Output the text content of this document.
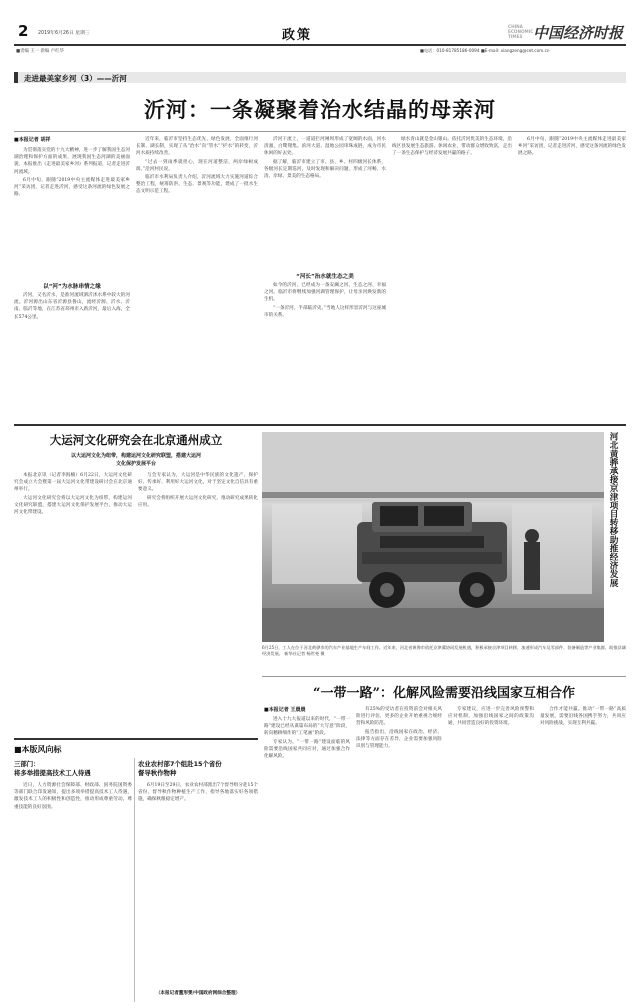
2 2019年6月26日 星期三	政策
CHINA
ECONOMIC
TIMES 中国经济时报
■责编 王一 新编 卢红华	■电话：010-81785186-0094 ■E-mail: xiangzeng@cet.com.cn
走进最美家乡河（3）——沂河
沂河：一条凝聚着治水结晶的母亲河
■本报记者 胡祥

为贯彻落实党的十九大精神，进一步了解我国生态河湖治理和保护方面的成果，展现我国生态河湖的美丽面貌，本报推出《走进最美家乡河》系列报道，记者走进沂河流域。

6月中旬，跟随“2019中央主流媒体走进最美家乡河”采访团，记者走进沂河，感受这条河流的绿色发展之路。

以“河”为水脉串情之缘

沂河，又名沂水，是淮河流域泗沂沭水系中较大的河流。沂河源出山东省沂源县鲁山，流经沂源、沂水、沂南、临沂等地，在江苏省邳州市入新沂河，最后入海，全长574公里。

近年来，临沂市坚持生态优先、绿色发展，全面推行河长制、湖长制，实现了从“治水”向“管水”“护水”的转变，沂河水质持续改善。

“过去一到雨季就担心，现在河道整洁，两岸绿树成荫。”沿河村民说。

临沂市水利局负责人介绍，沂河流域大力实施河道综合整治工程，统筹防洪、生态、景观等功能，建成了一批水生态文明示范工程。

沂河干流上，一道道拦河闸坝形成了宽阔的水面，河水清澈，白鹭翔集。滨河大道、湿地公园串珠成链，成为市民休闲的好去处。

据了解，临沂市建立了市、县、乡、村四级河长体系，各级河长定期巡河，及时发现和解决问题，形成了河畅、水清、岸绿、景美的生态格局。

“河长”治水就生态之美

如今的沂河，已经成为一条安澜之河、生态之河、幸福之河。临沂市将继续加强河湖管理保护，让母亲河焕发新的生机。

“一条沂河，半部临沂史。”当地人这样形容沂河与这座城市的关系。

绿水青山就是金山银山。依托沂河优美的生态环境，沿线区县发展生态旅游、休闲农业，带动群众增收致富，走出了一条生态保护与经济发展共赢的路子。

6月中旬，跟随“2019中央主流媒体走进最美家乡河”采访团，记者走进沂河，感受这条河流的绿色发展之路。

大运河文化研究会在北京通州成立
以大运河文化为纽带，构建运河文化研究联盟，搭建大运河
文化保护发展平台

本报北京讯（记者李海楠）6月22日，大运河文化研究会成立大会暨第一届大运河文化带建设研讨会在北京通州举行。

大运河文化研究会将以大运河文化为纽带，构建运河文化研究联盟，搭建大运河文化保护发展平台，推动大运河文化带建设。

与会专家认为，大运河是中华民族的文化遗产，保护好、传承好、利用好大运河文化，对于坚定文化自信具有重要意义。

研究会将组织开展大运河文化研究，推动研究成果转化应用。	河北黄骅承接京津项目转移助推经济发展
6月25日，工人在位于河北黄骅市的汽车产业基地生产车间工作。近年来，河北省黄骅市依托京津冀协同发展机遇，积极承接京津项目转移，加速形成汽车及零部件、装备制造等产业集群，助推县域经济发展。 新华社记者 杨世尧 摄
“一带一路”：化解风险需要沿线国家互相合作
■本报记者 王晨晨

进入十九大报道以来的时代，“一带一路”建设已经从谋篇布局的“大写意”阶段，转向精耕细作的“工笔画”阶段。

专家认为，“一带一路”建设面临的风险需要沿线国家共同应对，通过加强合作化解风险。

有25%的受访者在投资前会对相关风险进行评估，更多的企业开始重视合规经营和风险防范。

报告指出，沿线国家在政治、经济、法律等方面存在差异，企业需要加强风险识别与管理能力。

专家建议，应进一步完善风险预警和应对机制，加强沿线国家之间的政策沟通，共同营造良好的投资环境。

合作才能共赢。推动“一带一路”高质量发展，需要沿线各国携手努力，共同应对风险挑战，实现互利共赢。

■本版风向标
三部门：
将多举措提高技术工人待遇

近日，人力资源社会保障部、财政部、国务院国资委等部门联合印发通知，提出多项举措提高技术工人待遇，激发技术工人的积极性和创造性，推动形成尊重劳动、尊重技能的良好氛围。

农业农村部7个组赴15个省份
督导秋作物种

6月19日至29日，农业农村部派出7个督导组分赴15个省份，督导秋作物种植生产工作，指导各地落实好各项措施，确保秋粮稳定增产。

（本报记者董形雯/中国政府网综合整理）
